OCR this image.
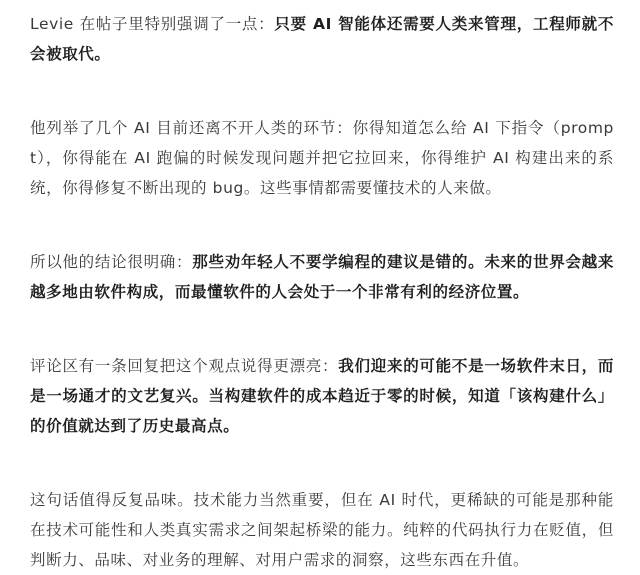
Levie 在帖子里特别强调了一点：只要 AI 智能体还需要人类来管理，工程师就不会被取代。

他列举了几个 AI 目前还离不开人类的环节：你得知道怎么给 AI 下指令（prompt），你得能在 AI 跑偏的时候发现问题并把它拉回来，你得维护 AI 构建出来的系统，你得修复不断出现的 bug。这些事情都需要懂技术的人来做。

所以他的结论很明确：那些劝年轻人不要学编程的建议是错的。未来的世界会越来越多地由软件构成，而最懂软件的人会处于一个非常有利的经济位置。

评论区有一条回复把这个观点说得更漂亮：我们迎来的可能不是一场软件末日，而是一场通才的文艺复兴。当构建软件的成本趋近于零的时候，知道「该构建什么」的价值就达到了历史最高点。

这句话值得反复品味。技术能力当然重要，但在 AI 时代，更稀缺的可能是那种能在技术可能性和人类真实需求之间架起桥梁的能力。纯粹的代码执行力在贬值，但判断力、品味、对业务的理解、对用户需求的洞察，这些东西在升值。
